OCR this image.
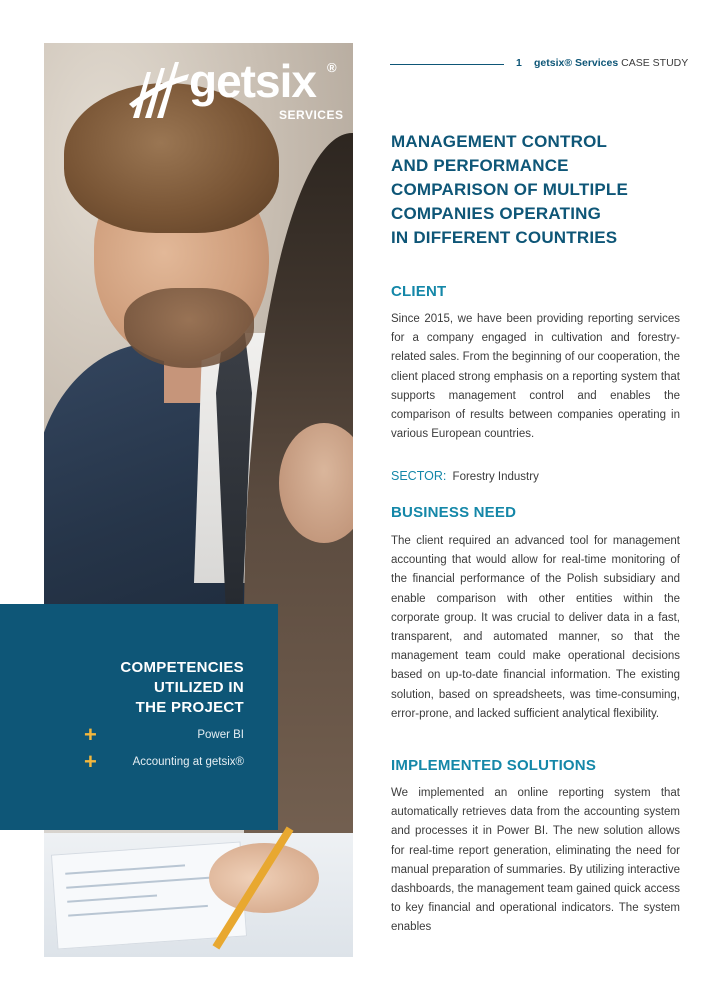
getsix ®
SERVICES
COMPETENCIES
UTILIZED IN
THE PROJECT
+	Power BI
+	Accounting at getsix®
1 getsix® Services CASE STUDY
MANAGEMENT CONTROL
AND PERFORMANCE
COMPARISON OF MULTIPLE
COMPANIES OPERATING
IN DIFFERENT COUNTRIES
CLIENT
Since 2015, we have been providing reporting services for a company engaged in cultivation and forestry-related sales. From the beginning of our cooperation, the client placed strong emphasis on a reporting system that supports management control and enables the comparison of results between companies operating in various European countries.
SECTOR: Forestry Industry
BUSINESS NEED
The client required an advanced tool for management accounting that would allow for real-time monitoring of the financial performance of the Polish subsidiary and enable comparison with other entities within the corporate group. It was crucial to deliver data in a fast, transparent, and automated manner, so that the management team could make operational decisions based on up-to-date financial information. The existing solution, based on spreadsheets, was time-consuming, error-prone, and lacked sufficient analytical flexibility.
IMPLEMENTED SOLUTIONS
We implemented an online reporting system that automatically retrieves data from the accounting system and processes it in Power BI. The new solution allows for real-time report generation, eliminating the need for manual preparation of summaries. By utilizing interactive dashboards, the management team gained quick access to key financial and operational indicators. The system enables
